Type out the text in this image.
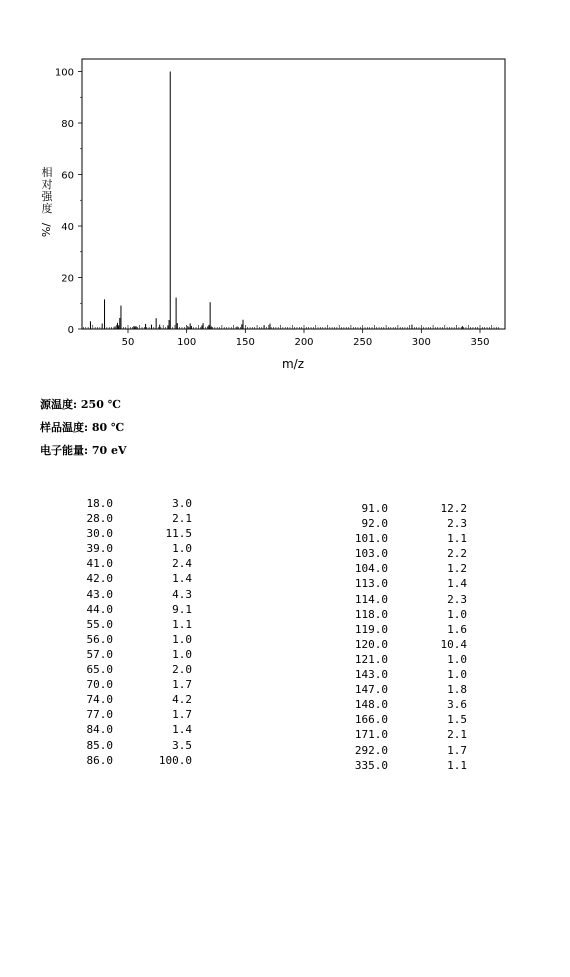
50	100	150	200	250	300	350
0
20
40
60
80
100
m/z
相对强度
%/
源温度: 250 ℃
样品温度: 80 ℃
电子能量: 70 eV
18.0	3.0
28.0	2.1
30.0	11.5
39.0	1.0
41.0	2.4
42.0	1.4
43.0	4.3
44.0	9.1
55.0	1.1
56.0	1.0
57.0	1.0
65.0	2.0
70.0	1.7
74.0	4.2
77.0	1.7
84.0	1.4
85.0	3.5
86.0	100.0
91.0	12.2
92.0	2.3
101.0	1.1
103.0	2.2
104.0	1.2
113.0	1.4
114.0	2.3
118.0	1.0
119.0	1.6
120.0	10.4
121.0	1.0
143.0	1.0
147.0	1.8
148.0	3.6
166.0	1.5
171.0	2.1
292.0	1.7
335.0	1.1
